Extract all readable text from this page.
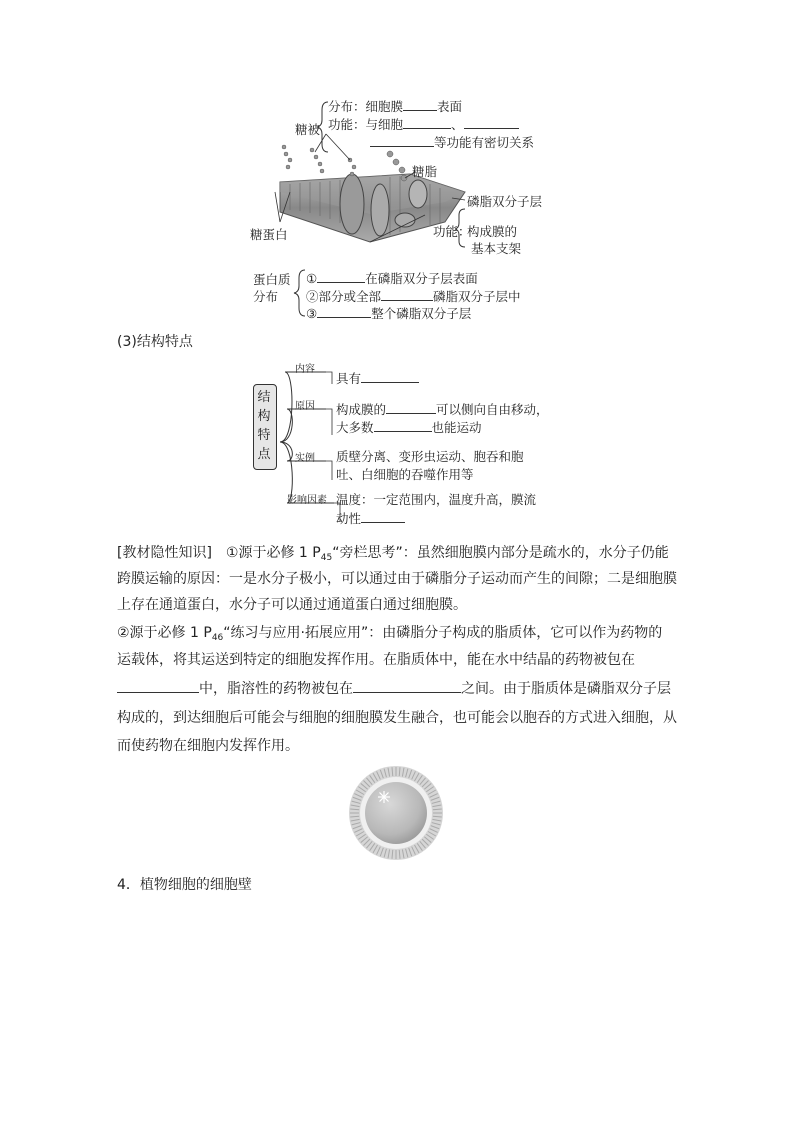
糖被
分布：细胞膜	表面
功能：与细胞	、
等功能有密切关系
糖脂
磷脂双分子层
功能：
构成膜的
基本支架
糖蛋白
蛋白质
分布
①	在磷脂双分子层表面
②部分或全部	磷脂双分子层中
③	整个磷脂双分子层
(3)结构特点
结构特点
内容
原因
实例
影响因素
具有
构成膜的	可以侧向自由移动，
大多数	也能运动
质壁分离、变形虫运动、胞吞和胞
吐、白细胞的吞噬作用等
温度：一定范围内，温度升高，膜流
动性
[教材隐性知识]　①源于必修 1 $P_{45}“$旁栏思考”：虽然细胞膜内部分是疏水的，水分子仍能
跨膜运输的原因：一是水分子极小，可以通过由于磷脂分子运动而产生的间隙；二是细胞膜
上存在通道蛋白，水分子可以通过通道蛋白通过细胞膜。
②源于必修 1 $P_{46}“$练习与应用·拓展应用”：由磷脂分子构成的脂质体，它可以作为药物的
运载体，将其运送到特定的细胞发挥作用。在脂质体中，能在水中结晶的药物被包在
中，脂溶性的药物被包在	之间。由于脂质体是磷脂双分子层
构成的，到达细胞后可能会与细胞的细胞膜发生融合，也可能会以胞吞的方式进入细胞，从
而使药物在细胞内发挥作用。
4．植物细胞的细胞壁
